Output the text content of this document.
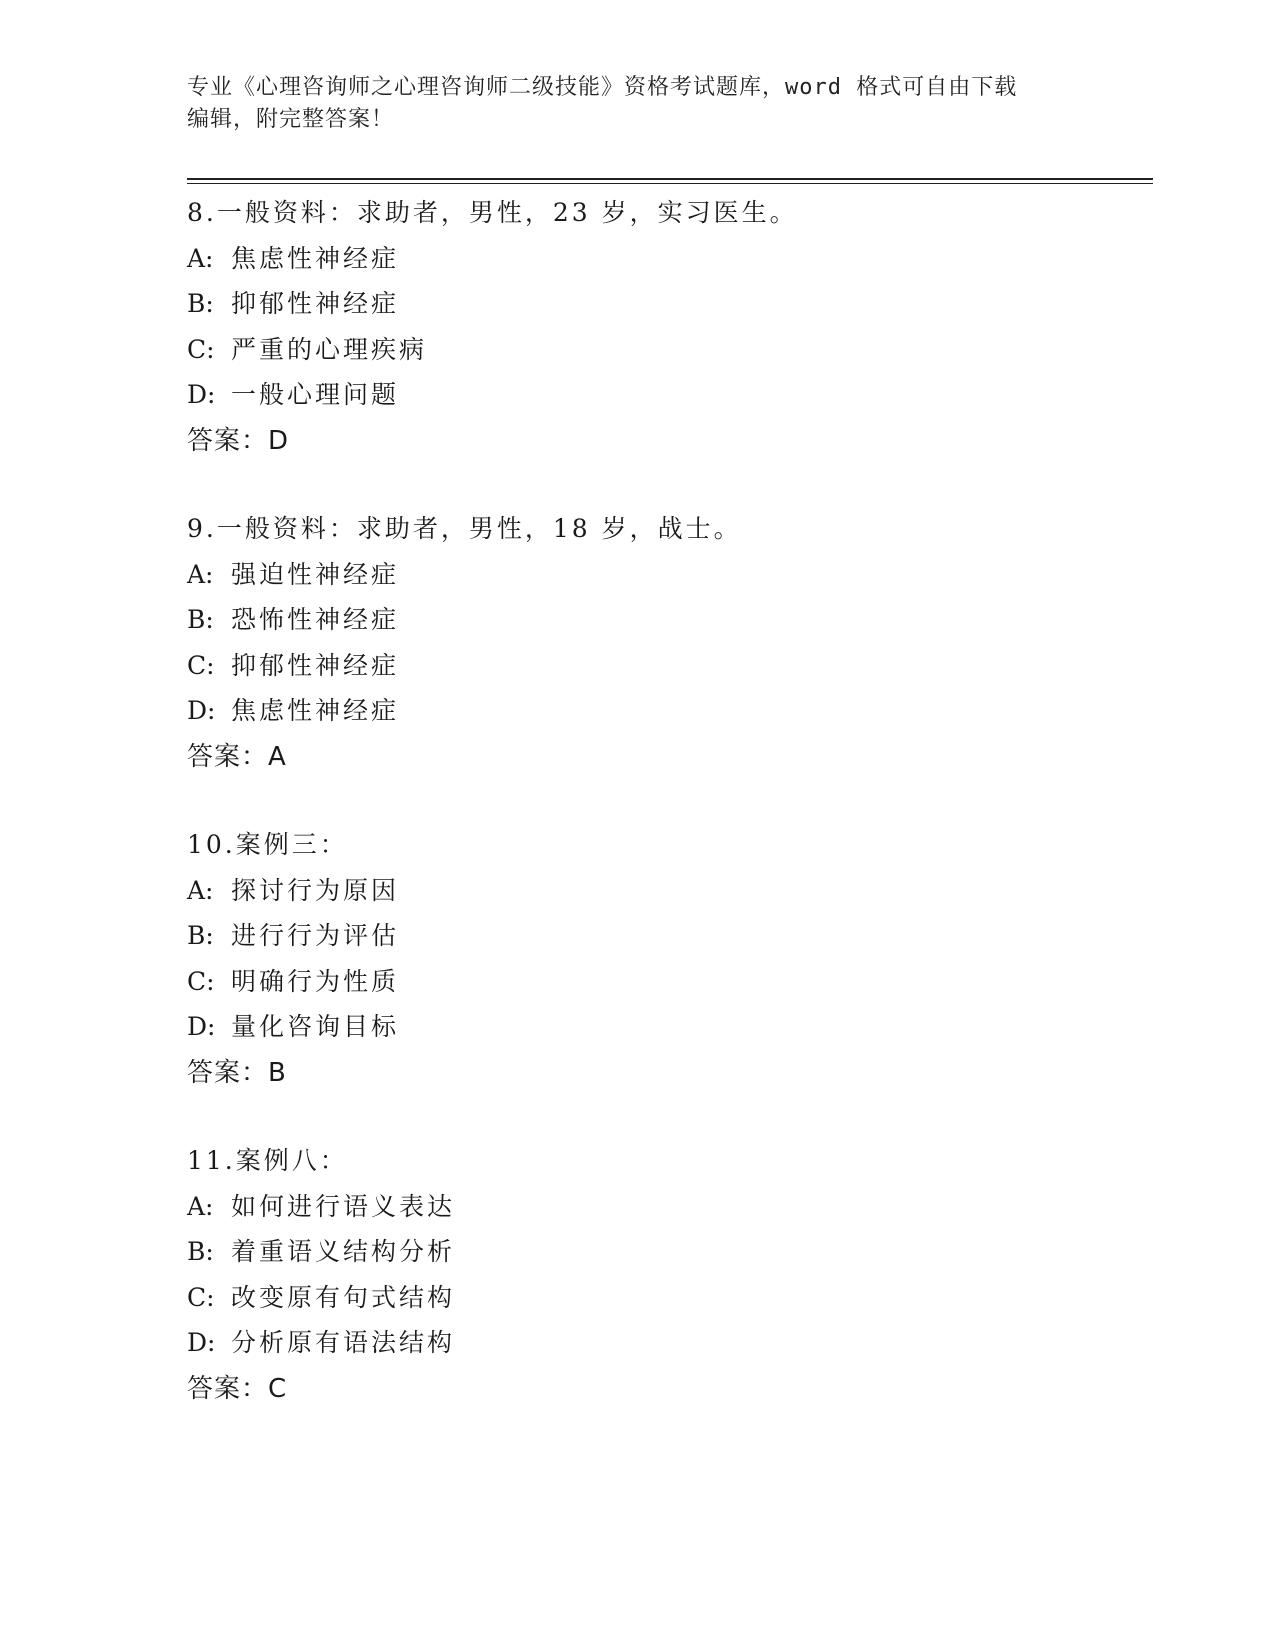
专业《心理咨询师之心理咨询师二级技能》资格考试题库，word 格式可自由下载
编辑，附完整答案！
8.一般资料：求助者，男性，23 岁，实习医生。
A: 焦虑性神经症
B: 抑郁性神经症
C: 严重的心理疾病
D: 一般心理问题
答案：D
9.一般资料：求助者，男性，18 岁，战士。
A: 强迫性神经症
B: 恐怖性神经症
C: 抑郁性神经症
D: 焦虑性神经症
答案：A
10.案例三：
A: 探讨行为原因
B: 进行行为评估
C: 明确行为性质
D: 量化咨询目标
答案：B
11.案例八：
A: 如何进行语义表达
B: 着重语义结构分析
C: 改变原有句式结构
D: 分析原有语法结构
答案：C
